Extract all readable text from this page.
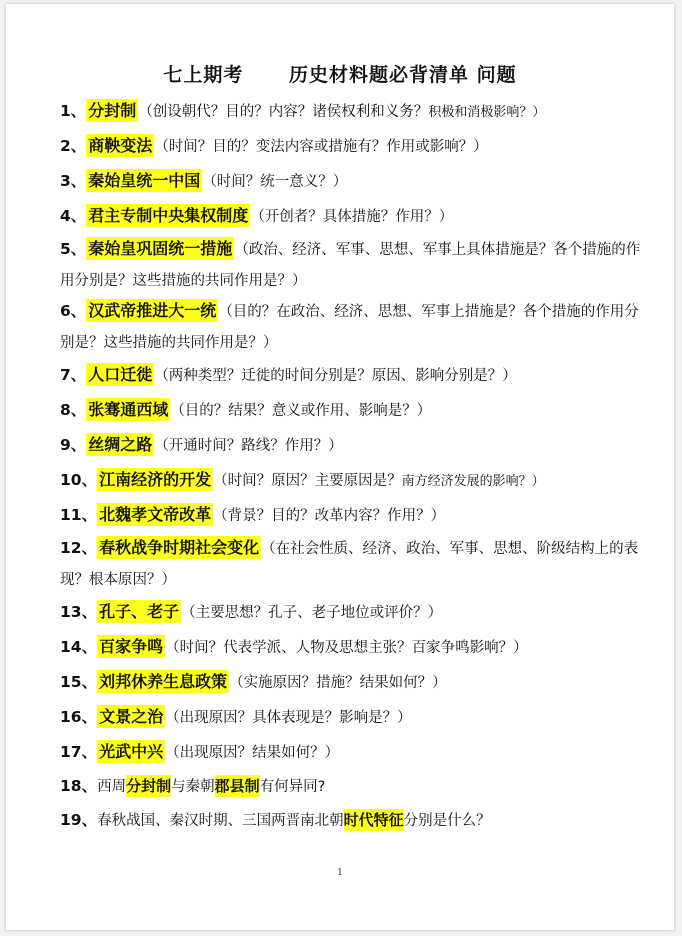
七上期考 历史材料题必背清单 问题
1、 分封制 （创设朝代？目的？内容？诸侯权利和义务？积极和消极影响？）
2、 商鞅变法 （时间？目的？变法内容或措施有？作用或影响？）
3、 秦始皇统一中国 （时间？统一意义？）
4、 君主专制中央集权制度 （开创者？具体措施？作用？）
5、 秦始皇巩固统一措施 （政治、经济、军事、思想、军事上具体措施是？各个措施的作用分别是？这些措施的共同作用是？）
6、 汉武帝推进大一统 （目的？在政治、经济、思想、军事上措施是？各个措施的作用分别是？这些措施的共同作用是？）
7、 人口迁徙 （两种类型？迁徙的时间分别是？原因、影响分别是？）
8、 张骞通西域 （目的？结果？意义或作用、影响是？）
9、 丝绸之路 （开通时间？路线？作用？）
10、 江南经济的开发 （时间？原因？主要原因是？南方经济发展的影响？）
11、 北魏孝文帝改革 （背景？目的？改革内容？作用？）
12、 春秋战争时期社会变化 （在社会性质、经济、政治、军事、思想、阶级结构上的表现？根本原因？）
13、 孔子、老子 （主要思想？孔子、老子地位或评价？）
14、 百家争鸣 （时间？代表学派、人物及思想主张？百家争鸣影响？）
15、 刘邦休养生息政策 （实施原因？措施？结果如何？）
16、 文景之治 （出现原因？具体表现是？影响是？）
17、 光武中兴 （出现原因？结果如何？）
18、西周分封制与秦朝郡县制有何异同?
19、春秋战国、秦汉时期、三国两晋南北朝时代特征分别是什么？
1
